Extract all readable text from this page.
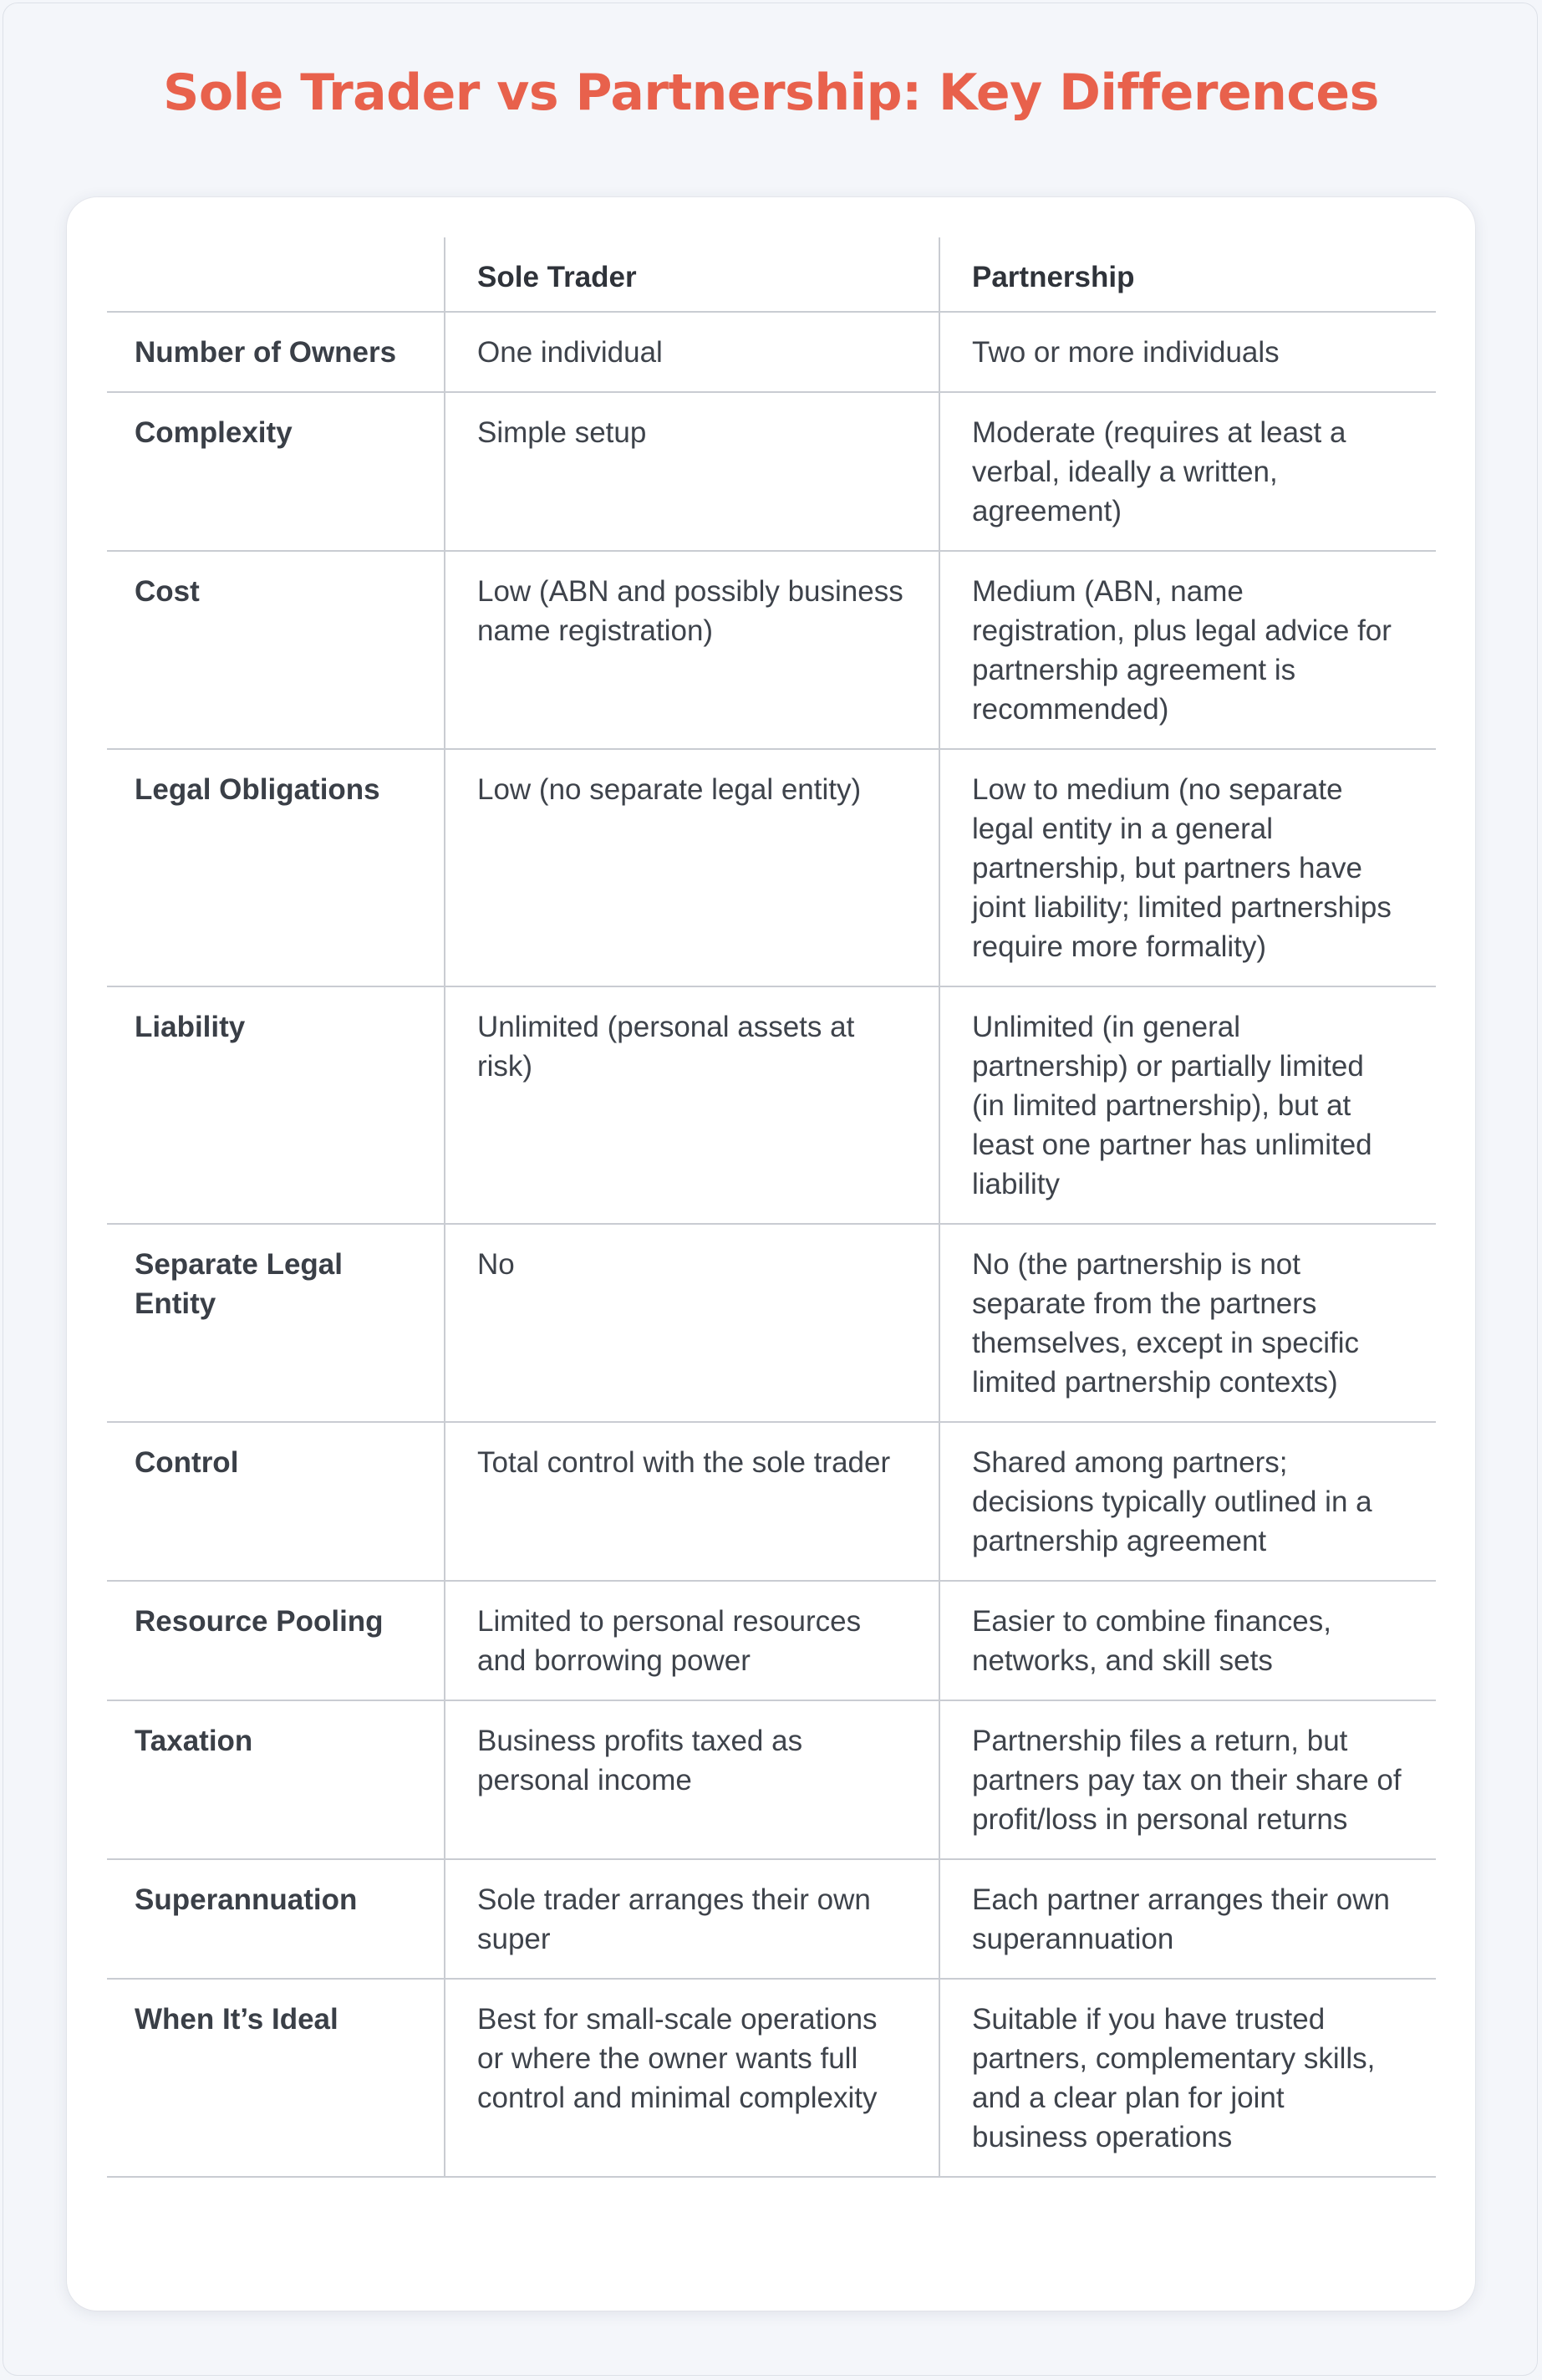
Sole Trader vs Partnership: Key Differences
	Sole Trader	Partnership
Number of Owners	One individual	Two or more individuals
Complexity	Simple setup	Moderate (requires at least a verbal, ideally a written, agreement)
Cost	Low (ABN and possibly business name registration)	Medium (ABN, name registration, plus legal advice for partnership agreement is recommended)
Legal Obligations	Low (no separate legal entity)	Low to medium (no separate legal entity in a general partnership, but partners have joint liability; limited partnerships require more formality)
Liability	Unlimited (personal assets at risk)	Unlimited (in general partnership) or partially limited (in limited partnership), but at least one partner has unlimited liability
Separate Legal Entity	No	No (the partnership is not separate from the partners themselves, except in specific limited partnership contexts)
Control	Total control with the sole trader	Shared among partners; decisions typically outlined in a partnership agreement
Resource Pooling	Limited to personal resources and borrowing power	Easier to combine finances, networks, and skill sets
Taxation	Business profits taxed as personal income	Partnership files a return, but partners pay tax on their share of profit/loss in personal returns
Superannuation	Sole trader arranges their own super	Each partner arranges their own superannuation
When It’s Ideal	Best for small-scale operations or where the owner wants full control and minimal complexity	Suitable if you have trusted partners, complementary skills, and a clear plan for joint business operations
